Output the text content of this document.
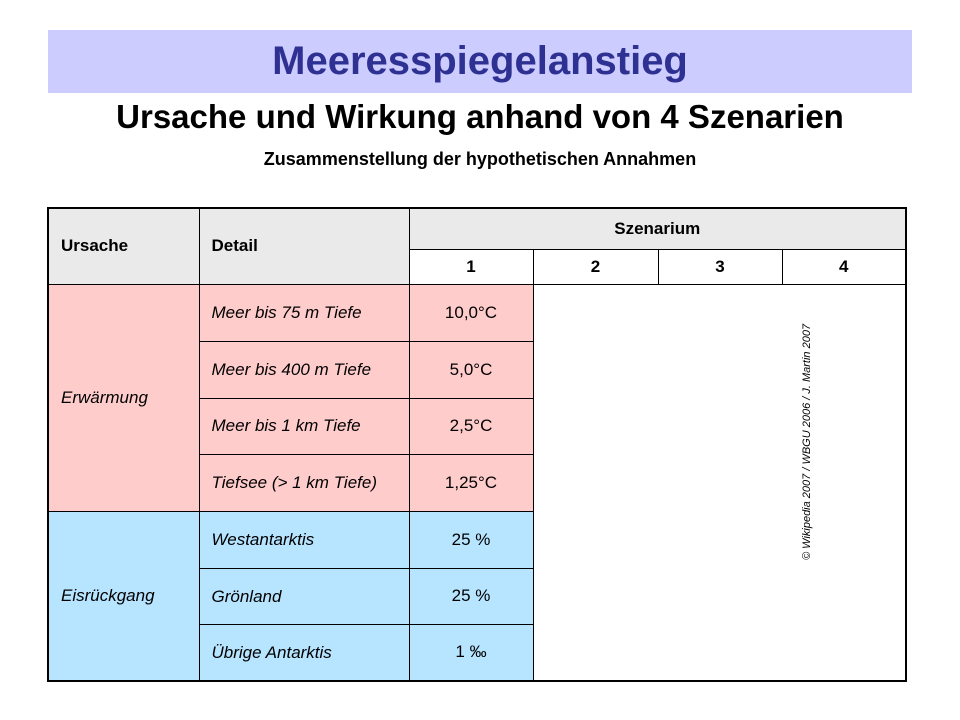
Meeresspiegelanstieg
Ursache und Wirkung anhand von 4 Szenarien
Zusammenstellung der hypothetischen Annahmen
Ursache	Detail	Szenarium			
		1	2	3	4
Erwärmung	Meer bis 75 m Tiefe	10,0°C			
	Meer bis 400 m Tiefe	5,0°C			
	Meer bis 1 km Tiefe	2,5°C			
	Tiefsee (> 1 km Tiefe)	1,25°C			
Eisrückgang	Westantarktis	25 %			
	Grönland	25 %			
	Übrige Antarktis	1 ‰			
© Wikipedia 2007 / WBGU 2006 / J. Martin 2007
